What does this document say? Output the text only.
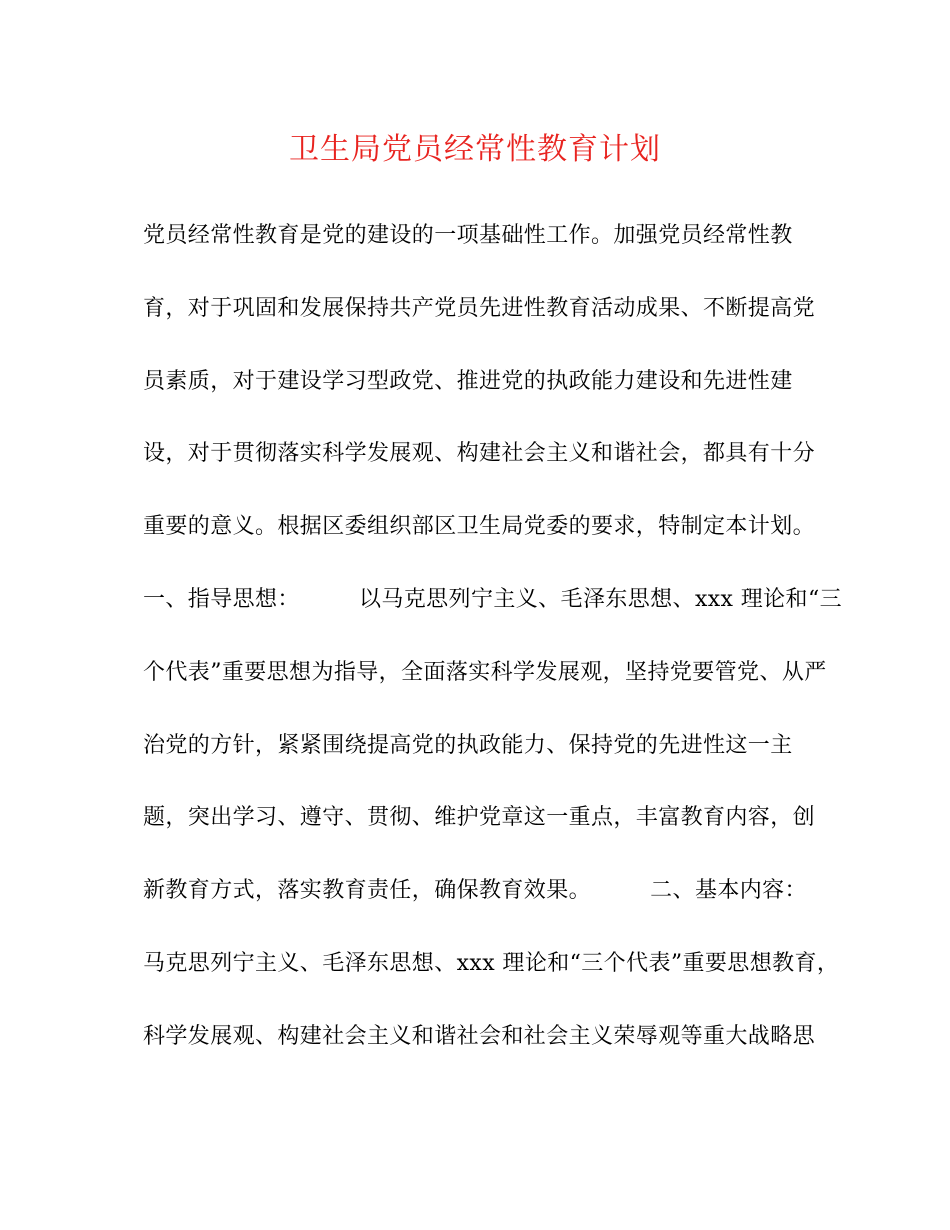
卫生局党员经常性教育计划
党员经常性教育是党的建设的一项基础性工作。加强党员经常性教
育，对于巩固和发展保持共产党员先进性教育活动成果、不断提高党
员素质，对于建设学习型政党、推进党的执政能力建设和先进性建
设，对于贯彻落实科学发展观、构建社会主义和谐社会，都具有十分
重要的意义。根据区委组织部区卫生局党委的要求，特制定本计划。
一、指导思想：        以马克思列宁主义、毛泽东思想、xxx 理论和“三
个代表”重要思想为指导，全面落实科学发展观，坚持党要管党、从严
治党的方针，紧紧围绕提高党的执政能力、保持党的先进性这一主
题，突出学习、遵守、贯彻、维护党章这一重点，丰富教育内容，创
新教育方式，落实教育责任，确保教育效果。        二、基本内容：
马克思列宁主义、毛泽东思想、xxx 理论和“三个代表”重要思想教育，
科学发展观、构建社会主义和谐社会和社会主义荣辱观等重大战略思
